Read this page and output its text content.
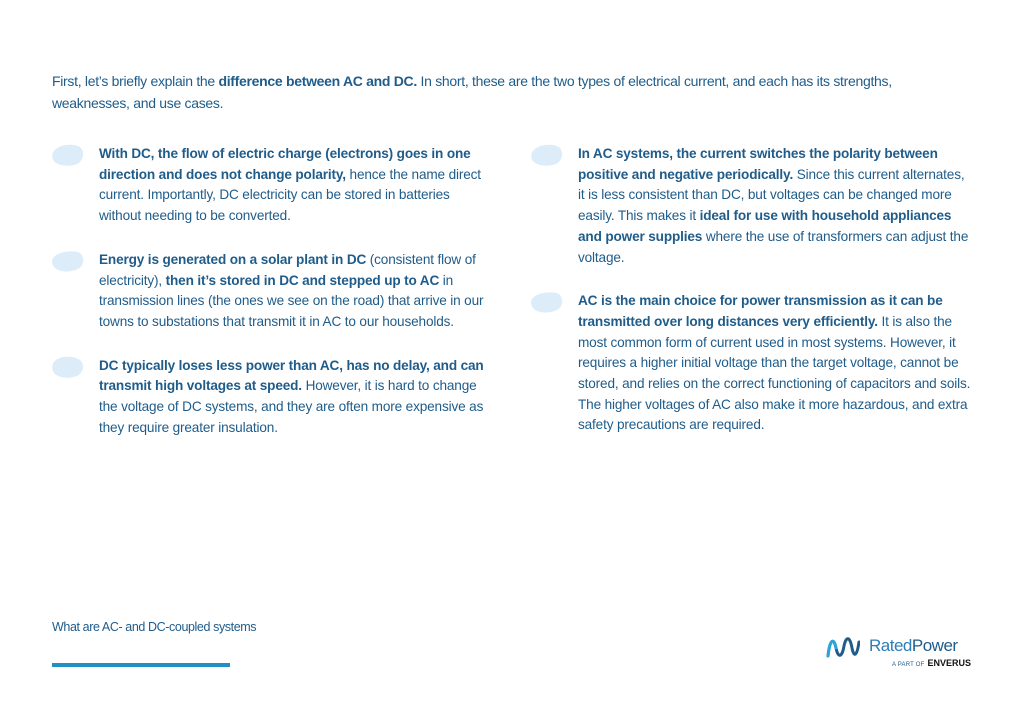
First, let’s briefly explain the difference between AC and DC. In short, these are the two types of electrical current, and each has its strengths, weaknesses, and use cases.

With DC, the flow of electric charge (electrons) goes in one direction and does not change polarity, hence the name direct current. Importantly, DC electricity can be stored in batteries without needing to be converted.

Energy is generated on a solar plant in DC (consistent flow of electricity), then it’s stored in DC and stepped up to AC in transmission lines (the ones we see on the road) that arrive in our towns to substations that transmit it in AC to our households.

DC typically loses less power than AC, has no delay, and can transmit high voltages at speed. However, it is hard to change the voltage of DC systems, and they are often more expensive as they require greater insulation.

In AC systems, the current switches the polarity between positive and negative periodically. Since this current alternates, it is less consistent than DC, but voltages can be changed more easily. This makes it ideal for use with household appliances and power supplies where the use of transformers can adjust the voltage.

AC is the main choice for power transmission as it can be transmitted over long distances very efficiently. It is also the most common form of current used in most systems. However, it requires a higher initial voltage than the target voltage, cannot be stored, and relies on the correct functioning of capacitors and soils. The higher voltages of AC also make it more hazardous, and extra safety precautions are required.

What are AC- and DC-coupled systems
RatedPower
A PART OF ENVERUS
